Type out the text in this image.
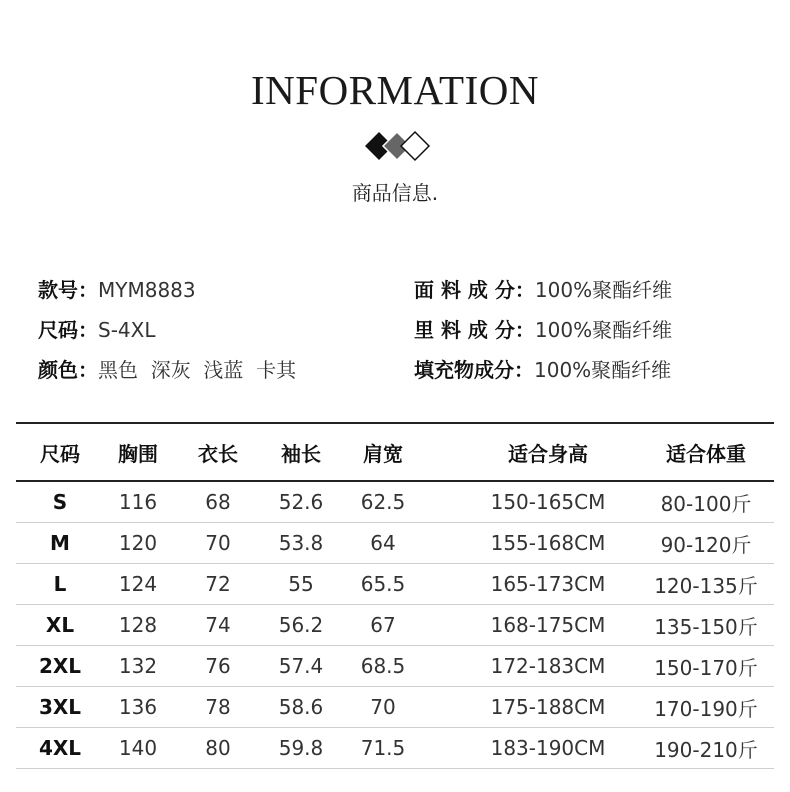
INFORMATION
商品信息.
款号：MYM8883
尺码：S-4XL
颜色：黑色  深灰  浅蓝  卡其
面 料 成 分：100%聚酯纤维
里 料 成 分：100%聚酯纤维
填充物成分：100%聚酯纤维
尺码	胸围	衣长	袖长	肩宽	适合身高	适合体重
S	116	68	52.6	62.5	150-165CM	80-100斤
M	120	70	53.8	64	155-168CM	90-120斤
L	124	72	55	65.5	165-173CM	120-135斤
XL	128	74	56.2	67	168-175CM	135-150斤
2XL	132	76	57.4	68.5	172-183CM	150-170斤
3XL	136	78	58.6	70	175-188CM	170-190斤
4XL	140	80	59.8	71.5	183-190CM	190-210斤
